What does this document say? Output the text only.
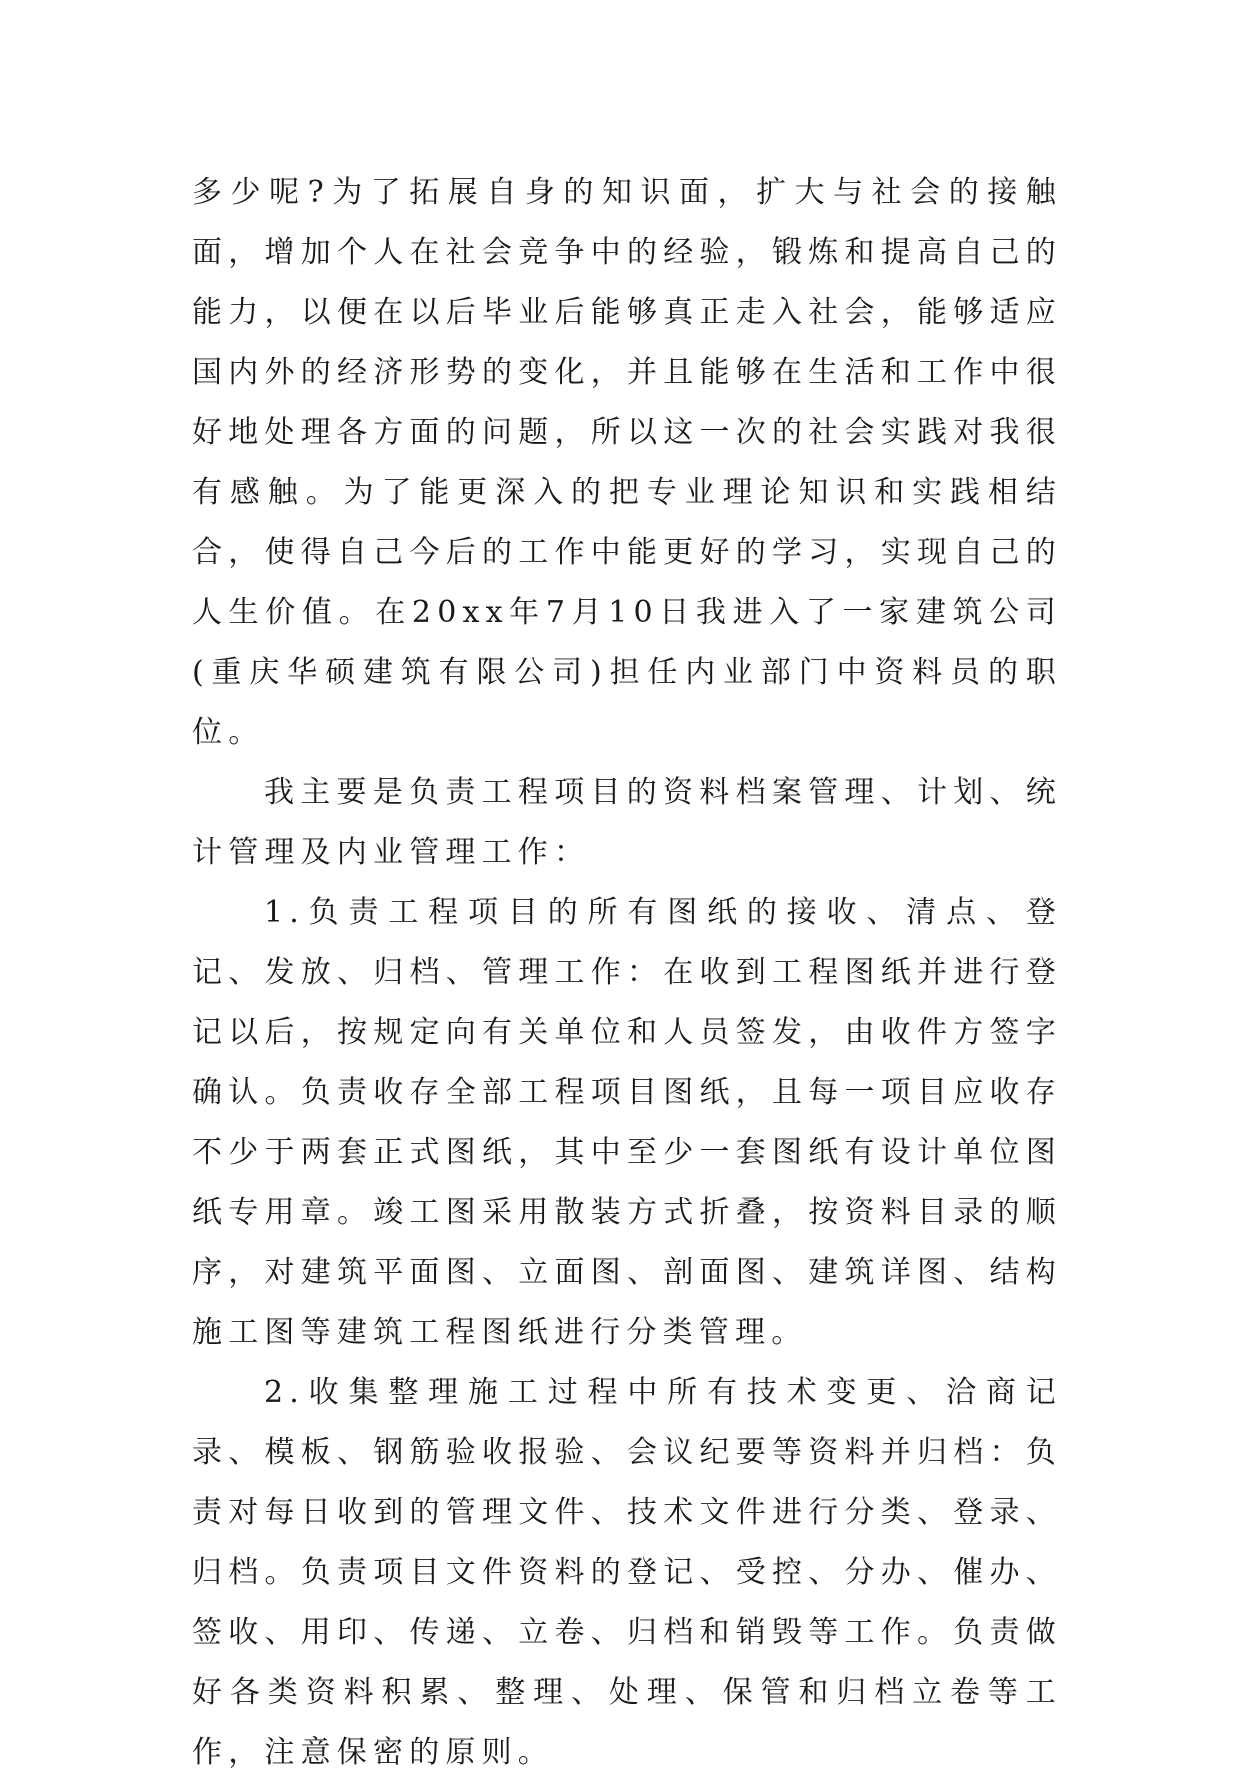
多少呢?为了拓展自身的知识面，扩大与社会的接触面，增加个人在社会竞争中的经验，锻炼和提高自己的能力，以便在以后毕业后能够真正走入社会，能够适应国内外的经济形势的变化，并且能够在生活和工作中很好地处理各方面的问题，所以这一次的社会实践对我很有感触。为了能更深入的把专业理论知识和实践相结合，使得自己今后的工作中能更好的学习，实现自己的人生价值。在20xx年7月10日我进入了一家建筑公司(重庆华硕建筑有限公司)担任内业部门中资料员的职位。

我主要是负责工程项目的资料档案管理、计划、统计管理及内业管理工作：

1.负责工程项目的所有图纸的接收、清点、登记、发放、归档、管理工作：在收到工程图纸并进行登记以后，按规定向有关单位和人员签发，由收件方签字确认。负责收存全部工程项目图纸，且每一项目应收存不少于两套正式图纸，其中至少一套图纸有设计单位图纸专用章。竣工图采用散装方式折叠，按资料目录的顺序，对建筑平面图、立面图、剖面图、建筑详图、结构施工图等建筑工程图纸进行分类管理。

2.收集整理施工过程中所有技术变更、洽商记录、模板、钢筋验收报验、会议纪要等资料并归档：负责对每日收到的管理文件、技术文件进行分类、登录、归档。负责项目文件资料的登记、受控、分办、催办、签收、用印、传递、立卷、归档和销毁等工作。负责做好各类资料积累、整理、处理、保管和归档立卷等工作，注意保密的原则。
